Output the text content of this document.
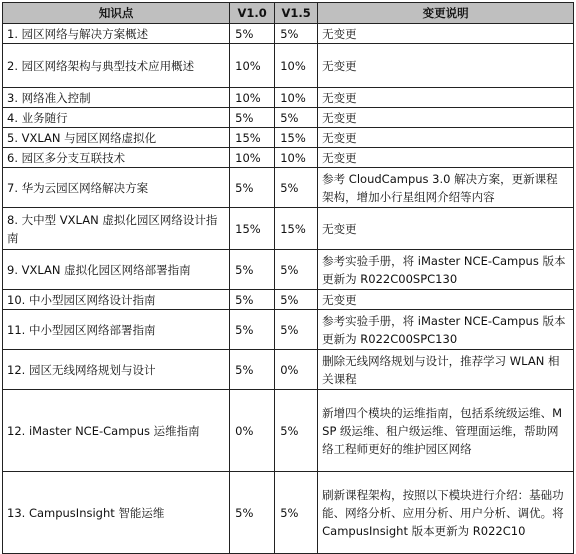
知识点	V1.0	V1.5	变更说明
1. 园区网络与解决方案概述	5%	5%	无变更
2. 园区网络架构与典型技术应用概述	10%	10%	无变更
3. 网络准入控制	10%	10%	无变更
4. 业务随行	5%	5%	无变更
5. VXLAN 与园区网络虚拟化	15%	15%	无变更
6. 园区多分支互联技术	10%	10%	无变更
7. 华为云园区网络解决方案	5%	5%	参考 CloudCampus 3.0 解决方案，更新课程架构，增加小行星组网介绍等内容
8. 大中型 VXLAN 虚拟化园区网络设计指南	15%	15%	无变更
9. VXLAN 虚拟化园区网络部署指南	5%	5%	参考实验手册，将 iMaster NCE-Campus 版本更新为 R022C00SPC130
10. 中小型园区网络设计指南	5%	5%	无变更
11. 中小型园区网络部署指南	5%	5%	参考实验手册，将 iMaster NCE-Campus 版本更新为 R022C00SPC130
12. 园区无线网络规划与设计	5%	0%	删除无线网络规划与设计，推荐学习 WLAN 相关课程
12. iMaster NCE-Campus 运维指南	0%	5%	新增四个模块的运维指南，包括系统级运维、MSP 级运维、租户级运维、管理面运维，帮助网络工程师更好的维护园区网络
13. CampusInsight 智能运维	5%	5%	刷新课程架构，按照以下模块进行介绍：基础功能、网络分析、应用分析、用户分析、调优。将 CampusInsight 版本更新为 R022C10
